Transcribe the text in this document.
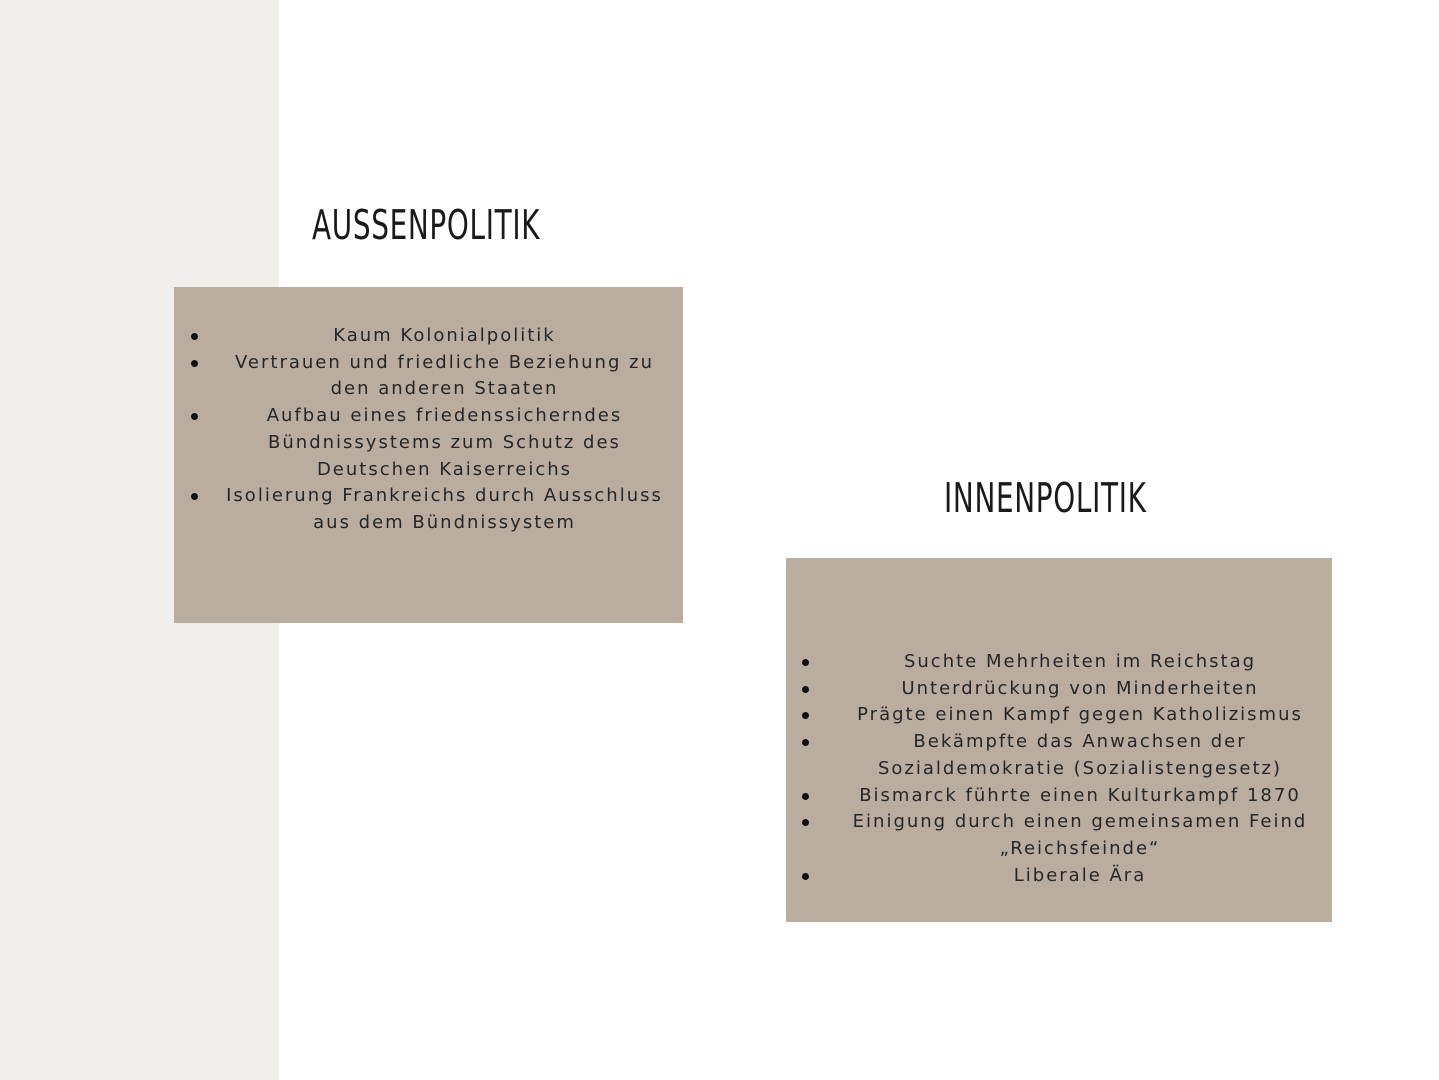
AUSSENPOLITIK
Kaum Kolonialpolitik
Vertrauen und friedliche Beziehung zu den anderen Staaten
Aufbau eines friedenssicherndes Bündnissystems zum Schutz des Deutschen Kaiserreichs
Isolierung Frankreichs durch Ausschluss aus dem Bündnissystem
INNENPOLITIK
Suchte Mehrheiten im Reichstag
Unterdrückung von Minderheiten
Prägte einen Kampf gegen Katholizismus
Bekämpfte das Anwachsen der Sozialdemokratie (Sozialistengesetz)
Bismarck führte einen Kulturkampf 1870
Einigung durch einen gemeinsamen Feind „Reichsfeinde“
Liberale Ära
